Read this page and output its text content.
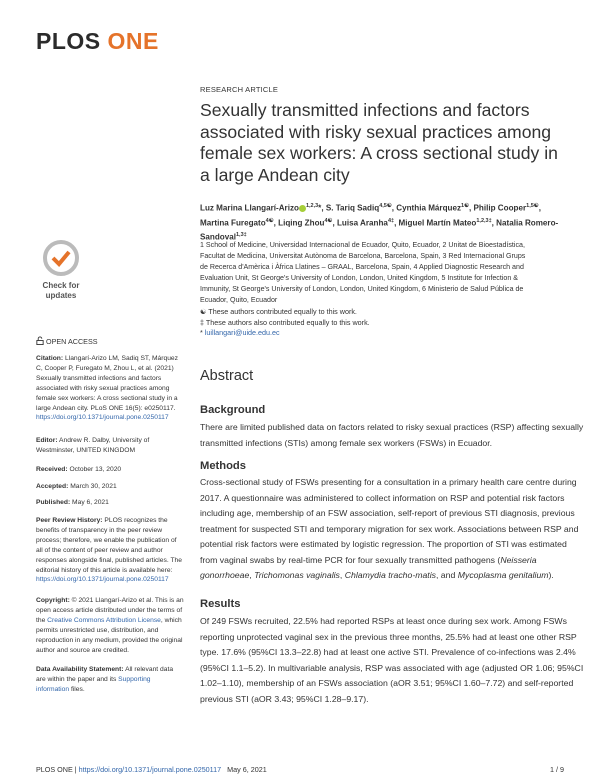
PLOS ONE
RESEARCH ARTICLE
Sexually transmitted infections and factors associated with risky sexual practices among female sex workers: A cross sectional study in a large Andean city
Luz Marina Llangarí-Arizo $^{1,2,3}$*, S. Tariq Sadiq$^{4,5☯}$, Cynthia Márquez$^{1☯}$, Philip Cooper$^{1,5☯}$, Martina Furegato$^{4☯}$, Liqing Zhou$^{4☯}$, Luisa Aranha$^{4\ddagger}$, Miguel Martín Mateo$^{1,2,3\ddagger}$, Natalia Romero-Sandoval$^{1,3\ddagger}$
1 School of Medicine, Universidad Internacional de Ecuador, Quito, Ecuador, 2 Unitat de Bioestadística, Facultat de Medicina, Universitat Autònoma de Barcelona, Barcelona, Spain, 3 Red Internacional Grups de Recerca d'Amèrica i Àfrica Llatines – GRAAL, Barcelona, Spain, 4 Applied Diagnostic Research and Evaluation Unit, St George's University of London, London, United Kingdom, 5 Institute for Infection & Immunity, St George's University of London, London, United Kingdom, 6 Ministerio de Salud Pública de Ecuador, Quito, Ecuador
☯ These authors contributed equally to this work.
‡ These authors also contributed equally to this work.
* luillangari@uide.edu.ec
Check for
updates
OPEN ACCESS
Citation: Llangarí-Arizo LM, Sadiq ST, Márquez C, Cooper P, Furegato M, Zhou L, et al. (2021) Sexually transmitted infections and factors associated with risky sexual practices among female sex workers: A cross sectional study in a large Andean city. PLoS ONE 16(5): e0250117. https://doi.org/10.1371/journal.pone.0250117
Editor: Andrew R. Dalby, University of Westminster, UNITED KINGDOM
Received: October 13, 2020
Accepted: March 30, 2021
Published: May 6, 2021
Peer Review History: PLOS recognizes the benefits of transparency in the peer review process; therefore, we enable the publication of all of the content of peer review and author responses alongside final, published articles. The editorial history of this article is available here: https://doi.org/10.1371/journal.pone.0250117
Copyright: © 2021 Llangarí-Arizo et al. This is an open access article distributed under the terms of the Creative Commons Attribution License, which permits unrestricted use, distribution, and reproduction in any medium, provided the original author and source are credited.
Data Availability Statement: All relevant data are within the paper and its Supporting information files.
Abstract
Background
There are limited published data on factors related to risky sexual practices (RSP) affecting sexually transmitted infections (STIs) among female sex workers (FSWs) in Ecuador.
Methods
Cross-sectional study of FSWs presenting for a consultation in a primary health care centre during 2017. A questionnaire was administered to collect information on RSP and potential risk factors including age, membership of an FSW association, self-report of previous STI diagnosis, previous treatment for suspected STI and temporary migration for sex work. Associations between RSP and potential risk factors were estimated by logistic regression. The proportion of STI was estimated from vaginal swabs by real-time PCR for four sexually transmitted pathogens (Neisseria gonorrhoeae, Trichomonas vaginalis, Chlamydia tracho-matis, and Mycoplasma genitalium).
Results
Of 249 FSWs recruited, 22.5% had reported RSPs at least once during sex work. Among FSWs reporting unprotected vaginal sex in the previous three months, 25.5% had at least one other RSP type. 17.6% (95%CI 13.3–22.8) had at least one active STI. Prevalence of co-infections was 2.4% (95%CI 1.1–5.2). In multivariable analysis, RSP was associated with age (adjusted OR 1.06; 95%CI 1.02–1.10), membership of an FSWs association (aOR 3.51; 95%CI 1.60–7.72) and self-reported previous STI (aOR 3.43; 95%CI 1.28–9.17).
PLOS ONE | https://doi.org/10.1371/journal.pone.0250117   May 6, 2021	1 / 9
